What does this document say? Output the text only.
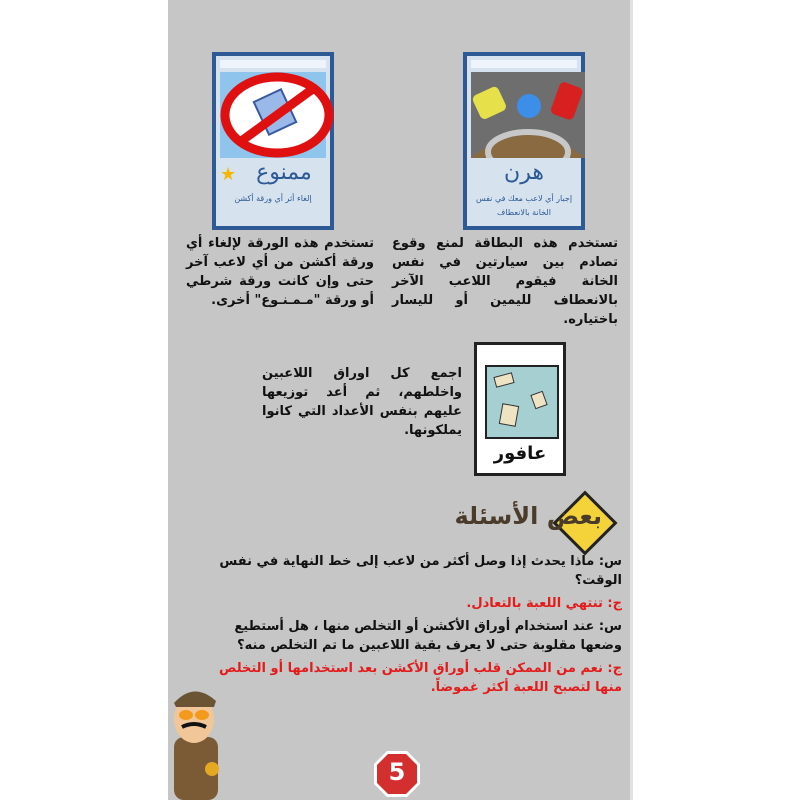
★ ممنوع
إلغاء أثر أي ورقة أكشن
هرن
إجبار أي لاعب معك في نفس الخانة بالانعطاف
تستخدم هذه الورقة لإلغاء أي ورقة أكشن من أي لاعب آخر حتى وإن كانت ورقة شرطي أو ورقة "مـمـنـوع" أخرى.
تستخدم هذه البطاقة لمنع وقوع تصادم بين سيارتين في نفس الخانة فيقوم اللاعب الآخر بالانعطاف لليمين أو لليسار باختياره.
عافور
اجمع كل اوراق اللاعبين واخلطهم، ثم أعد توزيعها عليهم بنفس الأعداد التي كانوا يملكونها.
بعض الأسئلة
س: ماذا يحدث إذا وصل أكثر من لاعب إلى خط النهاية في نفس الوقت؟
ج: تنتهي اللعبة بالتعادل.
س: عند استخدام أوراق الأكشن أو التخلص منها ، هل أستطيع وضعها مقلوبة حتى لا يعرف بقية اللاعبين ما تم التخلص منه؟
ج: نعم من الممكن قلب أوراق الأكشن بعد استخدامها أو التخلص منها لتصبح اللعبة أكثر غموضاً.
5
